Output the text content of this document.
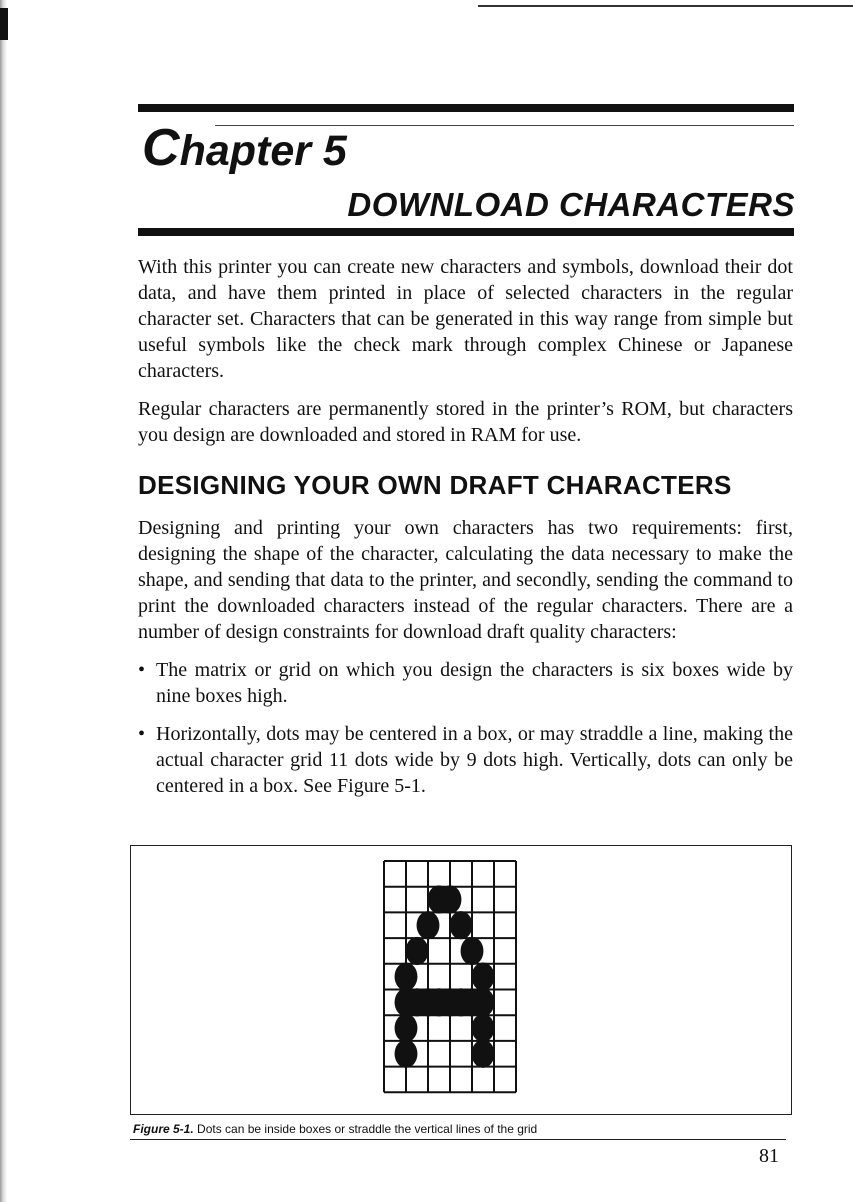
Chapter 5
DOWNLOAD CHARACTERS

With this printer you can create new characters and symbols, download their dot data, and have them printed in place of selected characters in the regular character set. Characters that can be generated in this way range from simple but useful symbols like the check mark through complex Chinese or Japanese characters.

Regular characters are permanently stored in the printer’s ROM, but characters you design are downloaded and stored in RAM for use.

DESIGNING YOUR OWN DRAFT CHARACTERS

Designing and printing your own characters has two requirements: first, designing the shape of the character, calculating the data necessary to make the shape, and sending that data to the printer, and secondly, sending the command to print the downloaded characters instead of the regular characters. There are a number of design constraints for download draft quality characters:

• The matrix or grid on which you design the characters is six boxes wide by nine boxes high.
• Horizontally, dots may be centered in a box, or may straddle a line, making the actual character grid 11 dots wide by 9 dots high. Vertically, dots can only be centered in a box. See Figure 5-1.

Figure 5-1. Dots can be inside boxes or straddle the vertical lines of the grid

81
